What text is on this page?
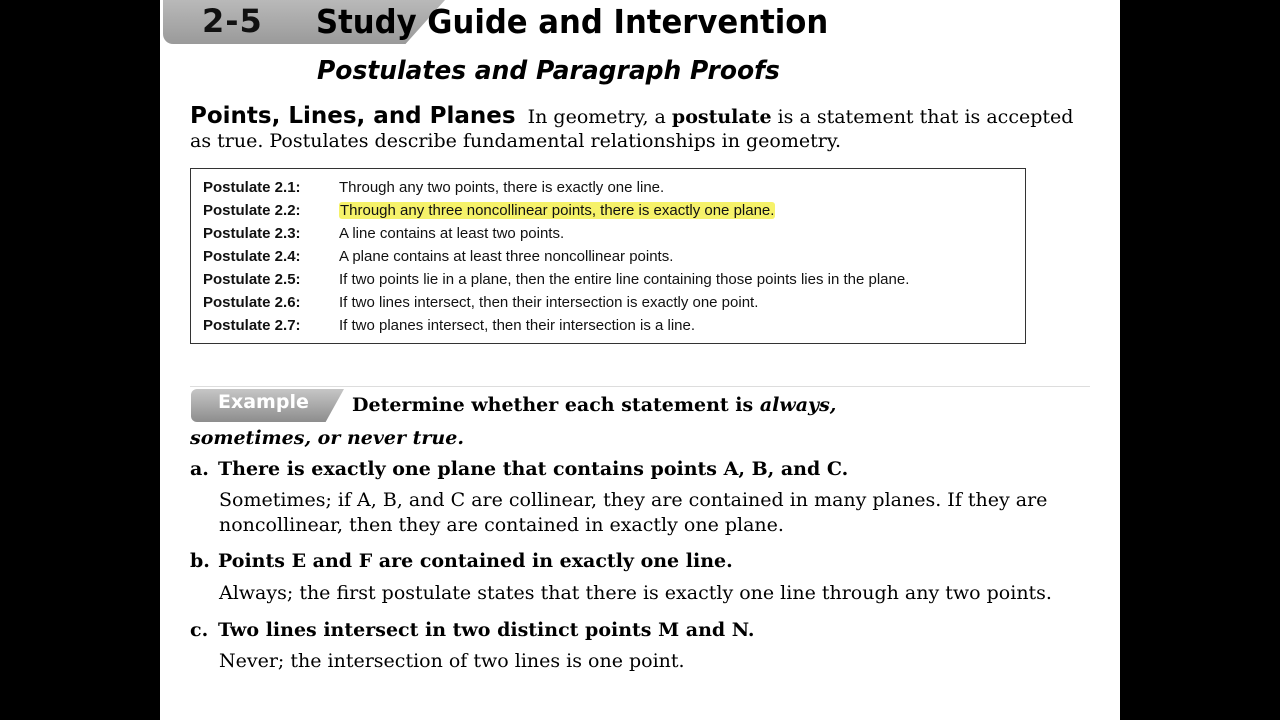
2-5 Study Guide and Intervention
Postulates and Paragraph Proofs
Points, Lines, and Planes In geometry, a postulate is a statement that is accepted as true. Postulates describe fundamental relationships in geometry.
Postulate 2.1:	Through any two points, there is exactly one line.
Postulate 2.2:	Through any three noncollinear points, there is exactly one plane.
Postulate 2.3:	A line contains at least two points.
Postulate 2.4:	A plane contains at least three noncollinear points.
Postulate 2.5:	If two points lie in a plane, then the entire line containing those points lies in the plane.
Postulate 2.6:	If two lines intersect, then their intersection is exactly one point.
Postulate 2.7:	If two planes intersect, then their intersection is a line.
Example Determine whether each statement is always,
sometimes, or never true.
a. There is exactly one plane that contains points A, B, and C.
Sometimes; if A, B, and C are collinear, they are contained in many planes. If they are noncollinear, then they are contained in exactly one plane.
b. Points E and F are contained in exactly one line.
Always; the first postulate states that there is exactly one line through any two points.
c. Two lines intersect in two distinct points M and N.
Never; the intersection of two lines is one point.
